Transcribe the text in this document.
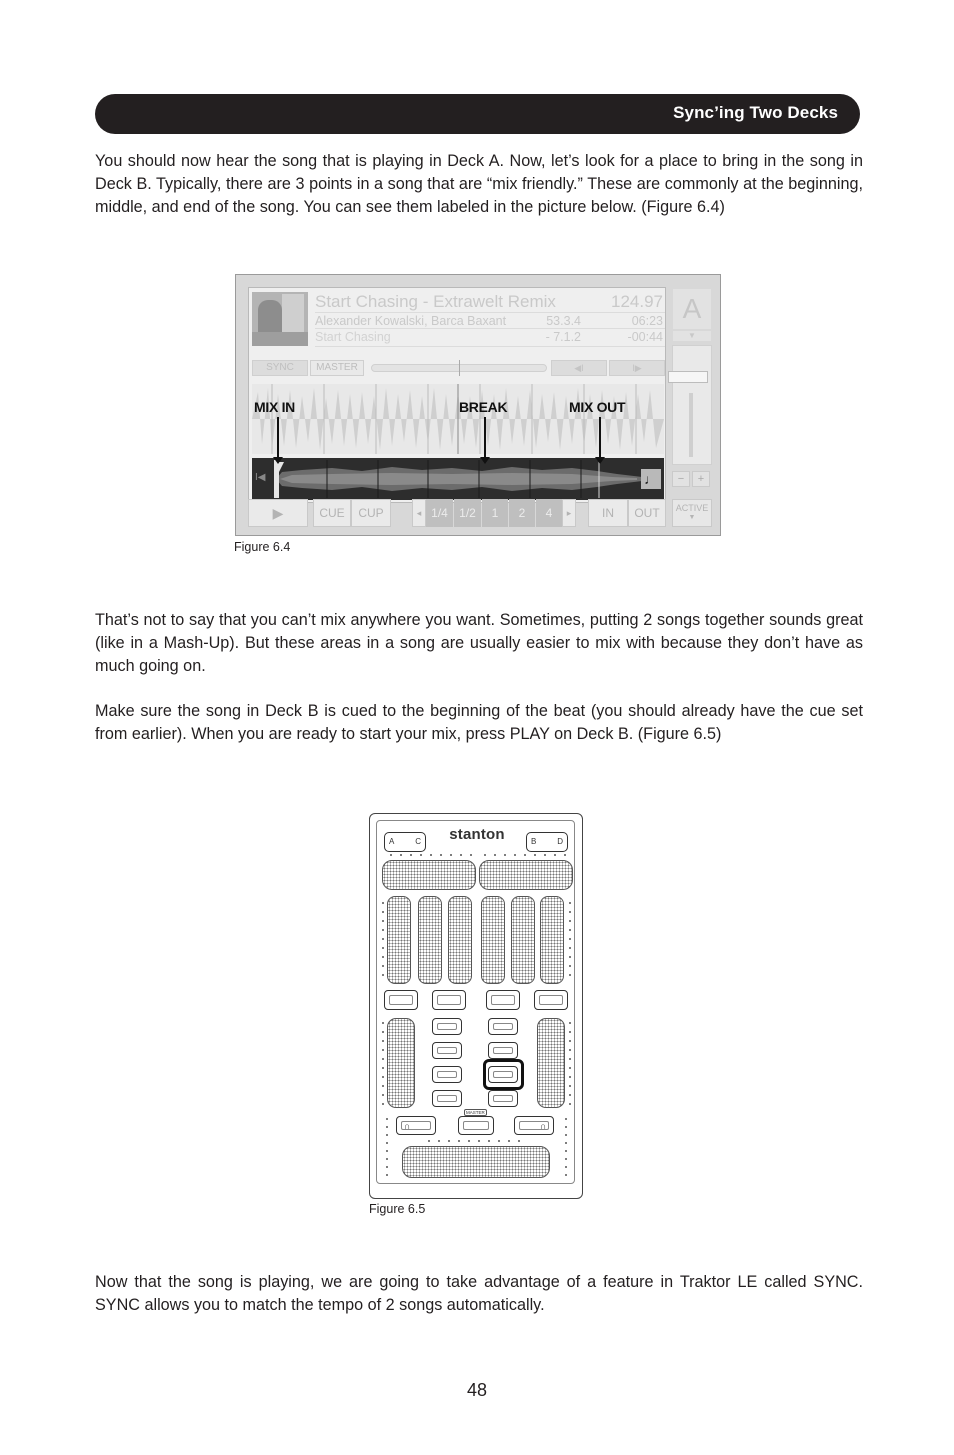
Sync’ing Two Decks

You should now hear the song that is playing in Deck A. Now, let’s look for a place to bring in the song in Deck B. Typically, there are 3 points in a song that are “mix friendly.” These are commonly at the beginning, middle, and end of the song. You can see them labeled in the picture below. (Figure 6.4)

Start Chasing - Extrawelt Remix	124.97
Alexander Kowalski, Barca Baxant	53.3.4	06:23
Start Chasing	- 7.1.2	-00:44
SYNC	MASTER	◀I	I▶
I◀	♩
MIX IN	BREAK	MIX OUT
A
▼
−	+
▶	CUE	CUP	◂ 1/4 1/2	1	2	4	▸	IN	OUT	ACTIVE
▼
Figure 6.4

That’s not to say that you can’t mix anywhere you want. Sometimes, putting 2 songs together sounds great (like in a Mash-Up). But these areas in a song are usually easier to mix with because they don’t have as much going on.

Make sure the song in Deck B is cued to the beginning of the beat (you should already have the cue set from earlier). When you are ready to start your mix, press PLAY on Deck B. (Figure 6.5)

stanton
A	C	B	D
∩
MASTER
∩
Figure 6.5

Now that the song is playing, we are going to take advantage of a feature in Traktor LE called SYNC. SYNC allows you to match the tempo of 2 songs automatically.

48
